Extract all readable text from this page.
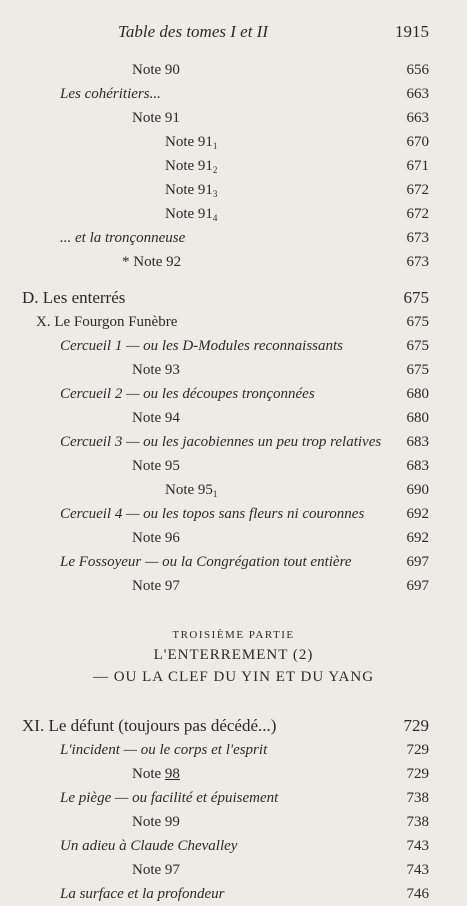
Table des tomes I et II	1915
Note 90	656
Les cohéritiers...	663
Note 91	663
Note $91_1$	670
Note $91_2$	671
Note $91_3$	672
Note $91_4$	672
... et la tronçonneuse	673
* Note 92	673
D. Les enterrés	675
X. Le Fourgon Funèbre	675
Cercueil 1 — ou les D-Modules reconnaissants	675
Note 93	675
Cercueil 2 — ou les découpes tronçonnées	680
Note 94	680
Cercueil 3 — ou les jacobiennes un peu trop relatives 683
Note 95	683
Note $95_1$	690
Cercueil 4 — ou les topos sans fleurs ni couronnes	692
Note 96	692
Le Fossoyeur — ou la Congrégation tout entière	697
Note 97	697
TROISIÈME PARTIE
L'ENTERREMENT (2)
— OU LA CLEF DU YIN ET DU YANG
XI. Le défunt (toujours pas décédé...)	729
L'incident — ou le corps et l'esprit	729
Note 98	729
Le piège — ou facilité et épuisement	738
Note 99	738
Un adieu à Claude Chevalley	743
Note 97	743
La surface et la profondeur	746
